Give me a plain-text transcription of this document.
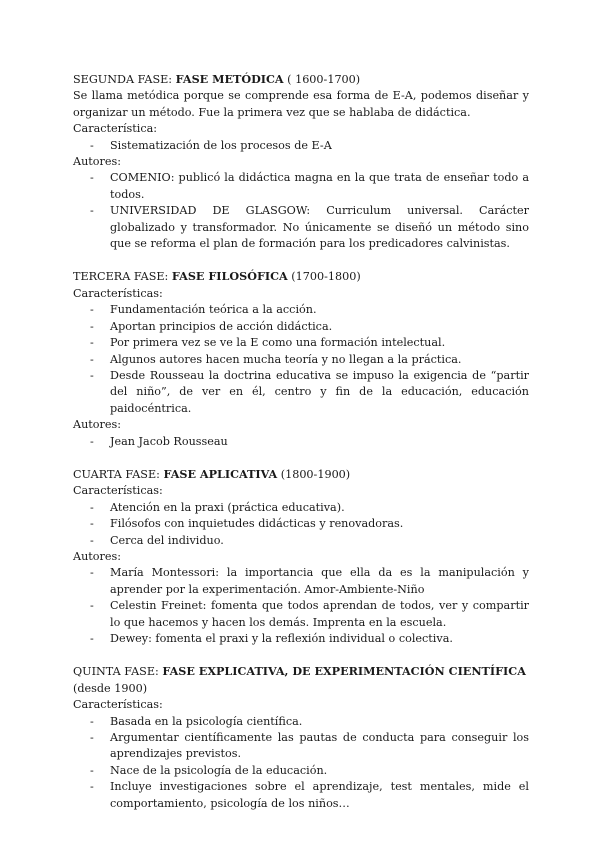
SEGUNDA FASE: FASE METÓDICA ( 1600-1700)
Se llama metódica porque se comprende esa forma de E-A, podemos diseñar y organizar un método. Fue la primera vez que se hablaba de didáctica.
Característica:
- Sistematización de los procesos de E-A
Autores:
- COMENIO: publicó la didáctica magna en la que trata de enseñar todo a todos.
- UNIVERSIDAD DE GLASGOW: Curriculum universal. Carácter globalizado y transformador. No únicamente se diseñó un método sino que se reforma el plan de formación para los predicadores calvinistas.
TERCERA FASE: FASE FILOSÓFICA (1700-1800)
Características:
- Fundamentación teórica a la acción.
- Aportan principios de acción didáctica.
- Por primera vez se ve la E como una formación intelectual.
- Algunos autores hacen mucha teoría y no llegan a la práctica.
- Desde Rousseau la doctrina educativa se impuso la exigencia de “partir del niño”, de ver en él, centro y fin de la educación, educación paidocéntrica.
Autores:
- Jean Jacob Rousseau
CUARTA FASE: FASE APLICATIVA (1800-1900)
Características:
- Atención en la praxi (práctica educativa).
- Filósofos con inquietudes didácticas y renovadoras.
- Cerca del individuo.
Autores:
- María Montessori: la importancia que ella da es la manipulación y aprender por la experimentación. Amor-Ambiente-Niño
- Celestin Freinet: fomenta que todos aprendan de todos, ver y compartir lo que hacemos y hacen los demás. Imprenta en la escuela.
- Dewey: fomenta el praxi y la reflexión individual o colectiva.
QUINTA FASE: FASE EXPLICATIVA, DE EXPERIMENTACIÓN CIENTÍFICA (desde 1900)
Características:
- Basada en la psicología científica.
- Argumentar científicamente las pautas de conducta para conseguir los aprendizajes previstos.
- Nace de la psicología de la educación.
- Incluye investigaciones sobre el aprendizaje, test mentales, mide el comportamiento, psicología de los niños…
